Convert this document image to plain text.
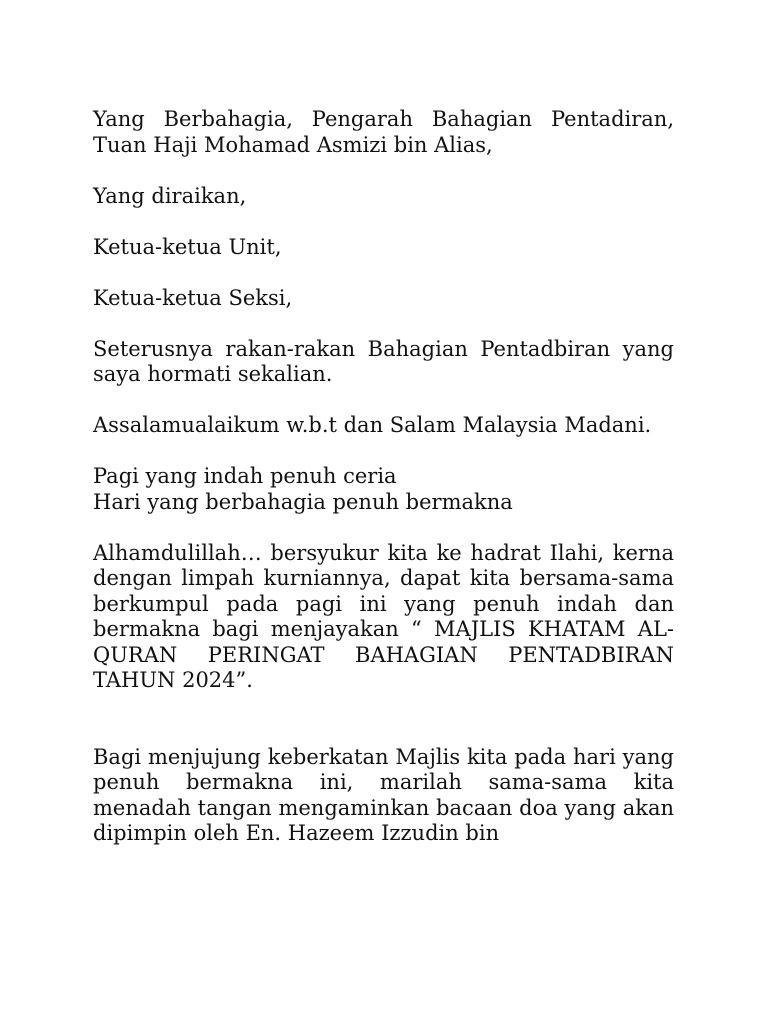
Yang Berbahagia, Pengarah Bahagian Pentadiran, Tuan Haji Mohamad Asmizi bin Alias,

Yang diraikan,

Ketua-ketua Unit,

Ketua-ketua Seksi,

Seterusnya rakan-rakan Bahagian Pentadbiran yang saya hormati sekalian.

Assalamualaikum w.b.t dan Salam Malaysia Madani.

Pagi yang indah penuh ceria
Hari yang berbahagia penuh bermakna

Alhamdulillah… bersyukur kita ke hadrat Ilahi, kerna dengan limpah kurniannya, dapat kita bersama-sama berkumpul pada pagi ini yang penuh indah dan bermakna bagi menjayakan “ MAJLIS KHATAM AL-QURAN PERINGAT BAHAGIAN PENTADBIRAN TAHUN 2024”.

Bagi menjujung keberkatan Majlis kita pada hari yang penuh bermakna ini, marilah sama-sama kita menadah tangan mengaminkan bacaan doa yang akan dipimpin oleh En. Hazeem Izzudin bin
